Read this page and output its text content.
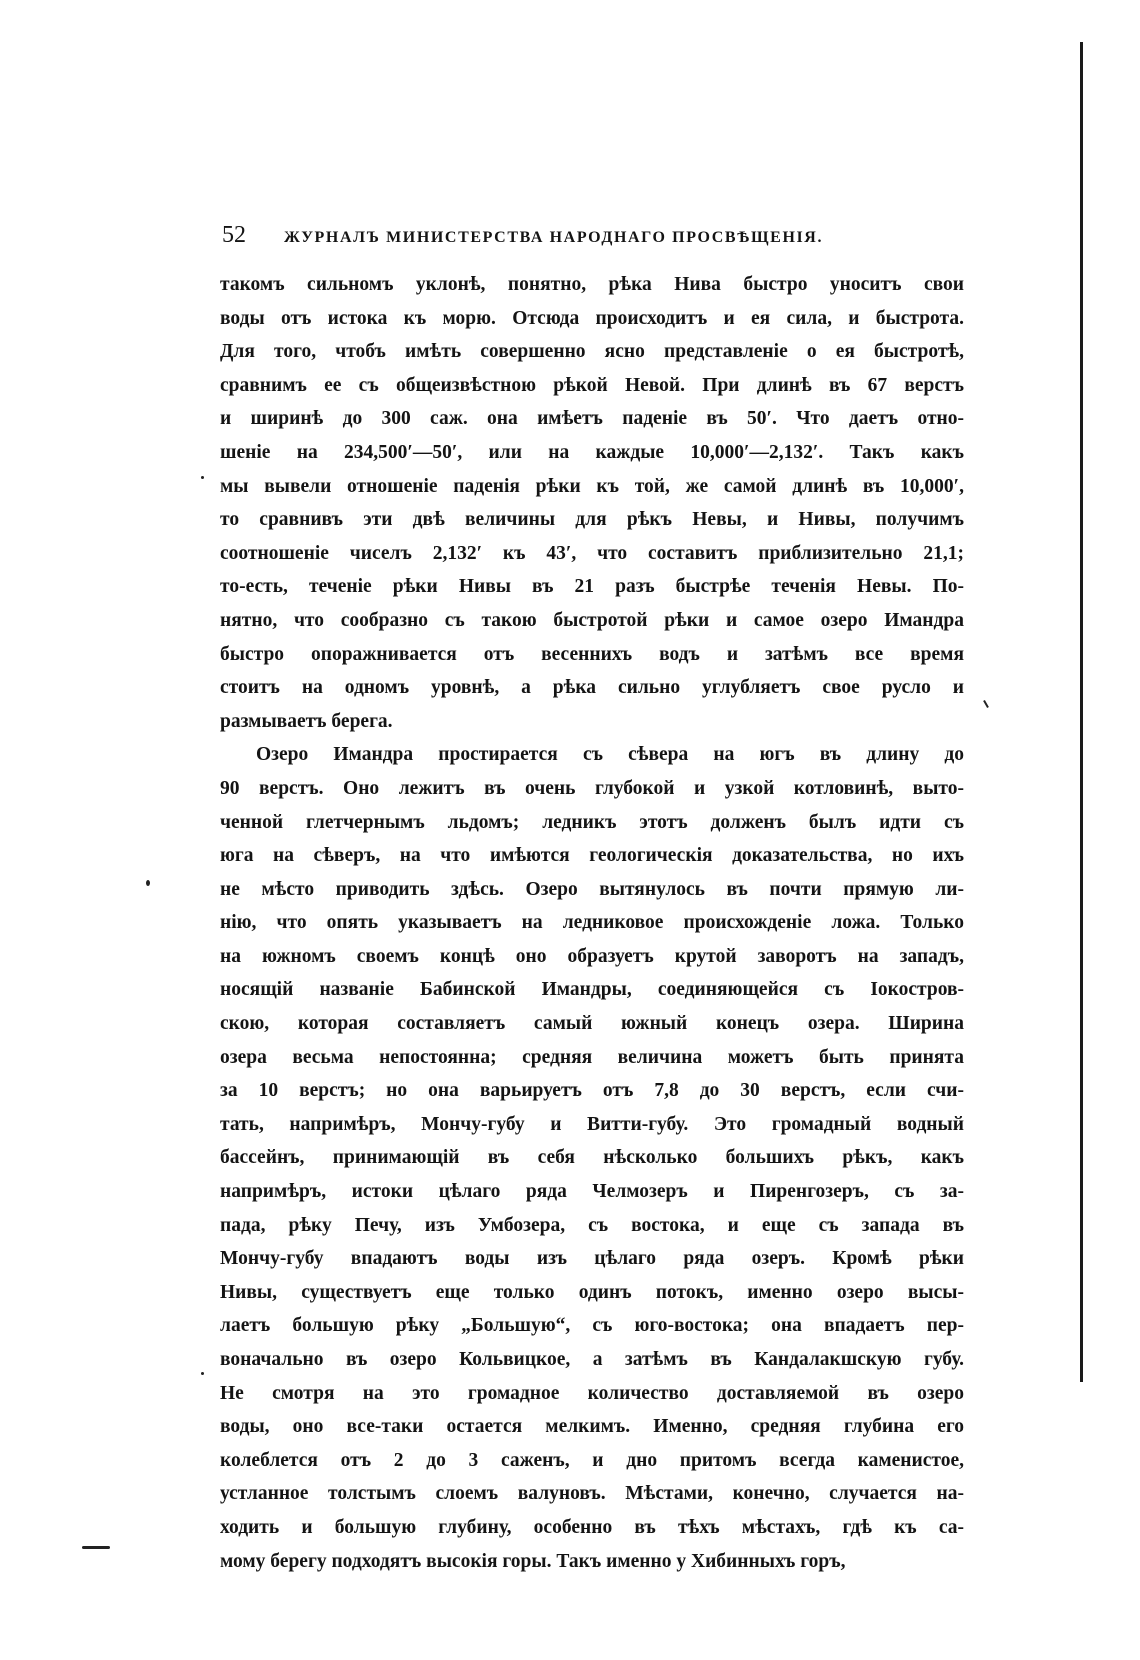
52	ЖУРНАЛЪ МИНИСТЕРСТВА НАРОДНАГО ПРОСВѢЩЕНІЯ.
такомъ сильномъ уклонѣ, понятно, рѣка Нива быстро уноситъ свои
воды отъ истока къ морю. Отсюда происходитъ и ея сила, и быстрота.
Для того, чтобъ имѣть совершенно ясно представленіе о ея быстротѣ,
сравнимъ ее съ общеизвѣстною рѣкой Невой. При длинѣ въ 67 верстъ
и ширинѣ до 300 саж. она имѣетъ паденіе въ 50′. Что даетъ отно-
шеніе на 234,500′—50′, или на каждые 10,000′—2,132′. Такъ какъ
мы вывели отношеніе паденія рѣки къ той, же самой длинѣ въ 10,000′,
то сравнивъ эти двѣ величины для рѣкъ Невы, и Нивы, получимъ
соотношеніе чиселъ 2,132′ къ 43′, что составитъ приблизительно 21,1;
то-есть, теченіе рѣки Нивы въ 21 разъ быстрѣе теченія Невы. По-
нятно, что сообразно съ такою быстротой рѣки и самое озеро Имандра
быстро опоражнивается отъ весеннихъ водъ и затѣмъ все время
стоитъ на одномъ уровнѣ, а рѣка сильно углубляетъ свое русло и
размываетъ берега.
Озеро Имандра простирается съ сѣвера на югъ въ длину до
90 верстъ. Оно лежитъ въ очень глубокой и узкой котловинѣ, выто-
ченной глетчернымъ льдомъ; ледникъ этотъ долженъ былъ идти съ
юга на сѣверъ, на что имѣются геологическія доказательства, но ихъ
не мѣсто приводить здѣсь. Озеро вытянулось въ почти прямую ли-
нію, что опять указываетъ на ледниковое происхожденіе ложа. Только
на южномъ своемъ концѣ оно образуетъ крутой заворотъ на западъ,
носящій названіе Бабинской Имандры, соединяющейся съ Іокостров-
скою, которая составляетъ самый южный конецъ озера. Ширина
озера весьма непостоянна; средняя величина можетъ быть принята
за 10 верстъ; но она варьируетъ отъ 7,8 до 30 верстъ, если счи-
тать, напримѣръ, Мончу-губу и Витти-губу. Это громадный водный
бассейнъ, принимающій въ себя нѣсколько большихъ рѣкъ, какъ
напримѣръ, истоки цѣлаго ряда Челмозеръ и Пиренгозеръ, съ за-
пада, рѣку Печу, изъ Умбозера, съ востока, и еще съ запада въ
Мончу-губу впадаютъ воды изъ цѣлаго ряда озеръ. Кромѣ рѣки
Нивы, существуетъ еще только одинъ потокъ, именно озеро высы-
лаетъ большую рѣку „Большую“, съ юго-востока; она впадаетъ пер-
воначально въ озеро Кольвицкое, а затѣмъ въ Кандалакшскую губу.
Не смотря на это громадное количество доставляемой въ озеро
воды, оно все-таки остается мелкимъ. Именно, средняя глубина его
колеблется отъ 2 до 3 саженъ, и дно притомъ всегда каменистое,
устланное толстымъ слоемъ валуновъ. Мѣстами, конечно, случается на-
ходить и большую глубину, особенно въ тѣхъ мѣстахъ, гдѣ къ са-
мому берегу подходятъ высокія горы. Такъ именно у Хибинныхъ горъ,
